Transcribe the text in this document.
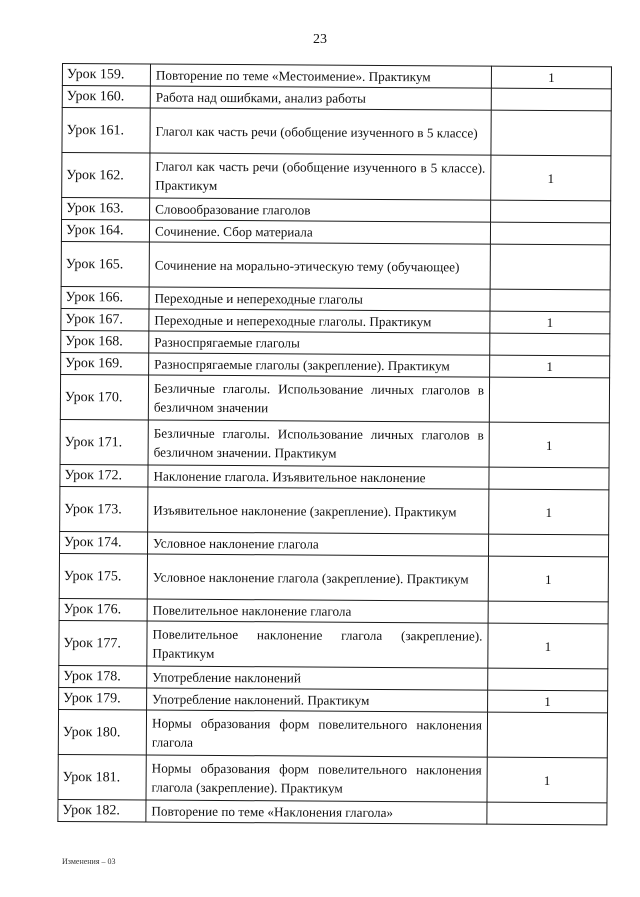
23
Урок 159.	Повторение по теме «Местоимение». Практикум	1
Урок 160.	Работа над ошибками, анализ работы	
Урок 161.	Глагол как часть речи (обобщение изученного в 5 классе)	
Урок 162.	Глагол как часть речи (обобщение изученного в 5 классе). Практикум	1
Урок 163.	Словообразование глаголов	
Урок 164.	Сочинение. Сбор материала	
Урок 165.	Сочинение на морально-этическую тему (обучающее)	
Урок 166.	Переходные и непереходные глаголы	
Урок 167.	Переходные и непереходные глаголы. Практикум	1
Урок 168.	Разноспрягаемые глаголы	
Урок 169.	Разноспрягаемые глаголы (закрепление). Практикум	1
Урок 170.	Безличные глаголы. Использование личных глаголов в безличном значении	
Урок 171.	Безличные глаголы. Использование личных глаголов в безличном значении. Практикум	1
Урок 172.	Наклонение глагола. Изъявительное наклонение	
Урок 173.	Изъявительное наклонение (закрепление). Практикум	1
Урок 174.	Условное наклонение глагола	
Урок 175.	Условное наклонение глагола (закрепление). Практикум	1
Урок 176.	Повелительное наклонение глагола	
Урок 177.	Повелительное наклонение глагола (закрепление). Практикум	1
Урок 178.	Употребление наклонений	
Урок 179.	Употребление наклонений. Практикум	1
Урок 180.	Нормы образования форм повелительного наклонения глагола	
Урок 181.	Нормы образования форм повелительного наклонения глагола (закрепление). Практикум	1
Урок 182.	Повторение по теме «Наклонения глагола»	
Изменения – 03
